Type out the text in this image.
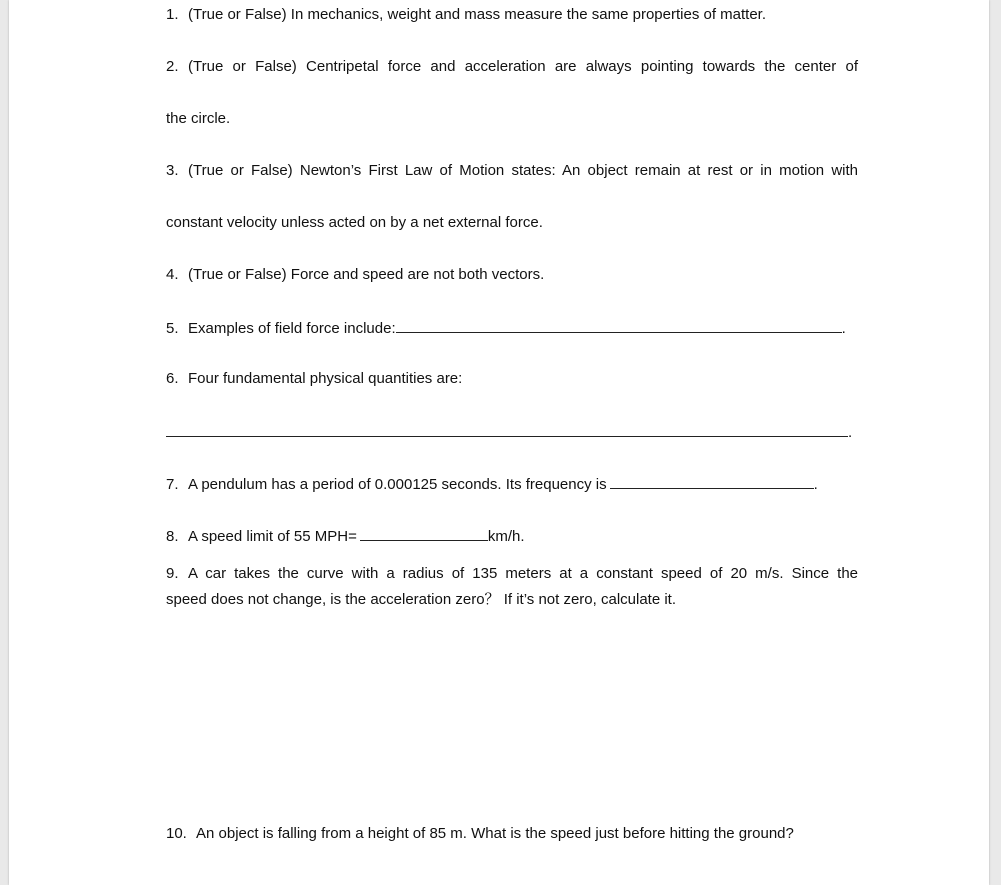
1. (True or False) In mechanics, weight and mass measure the same properties of matter.
2. (True or False) Centripetal force and acceleration are always pointing towards the center of
the circle.
3. (True or False) Newton’s First Law of Motion states: An object remain at rest or in motion with
constant velocity unless acted on by a net external force.
4. (True or False) Force and speed are not both vectors.
5. Examples of field force include:	.
6. Four fundamental physical quantities are:
.
7. A pendulum has a period of 0.000125 seconds. Its frequency is	.
8. A speed limit of 55 MPH=	km/h.
9. A car takes the curve with a radius of 135 meters at a constant speed of 20 m/s. Since the
speed does not change, is the acceleration zero？ If it’s not zero, calculate it.
10. An object is falling from a height of 85 m. What is the speed just before hitting the ground?
